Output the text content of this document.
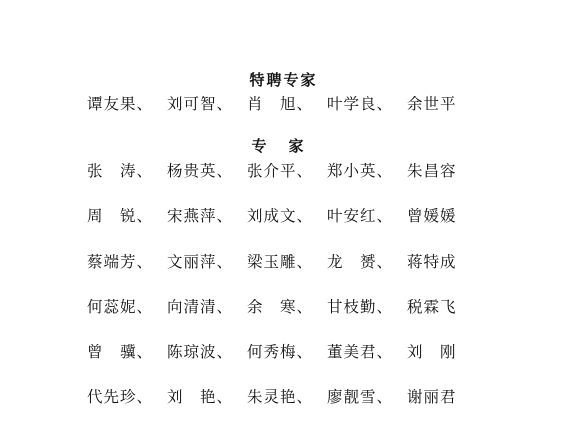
特聘专家
谭友果、 刘可智、 肖　旭、 叶学良、 余世平
专家
张　涛、 杨贵英、 张介平、 郑小英、 朱昌容
周　锐、 宋燕萍、 刘成文、 叶安红、 曾媛媛
蔡端芳、 文丽萍、 梁玉雕、 龙　赟、 蒋特成
何蕊妮、 向清清、 余　寒、 甘枝勤、 税霖飞
曾　骥、 陈琼波、 何秀梅、 董美君、 刘　刚
代先珍、 刘　艳、 朱灵艳、 廖靓雪、 谢丽君
